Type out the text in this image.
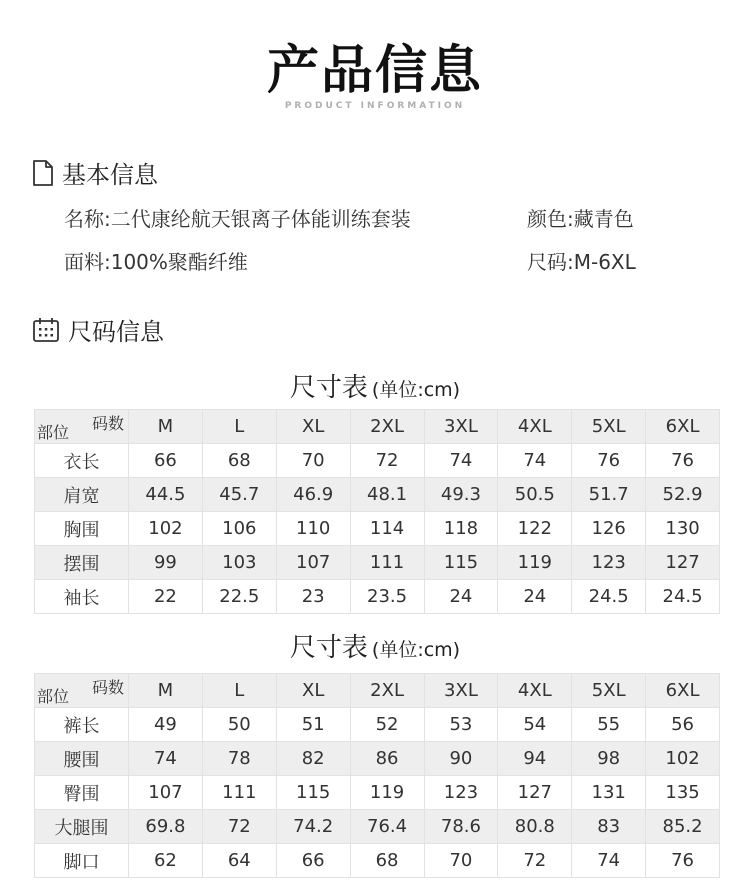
产品信息
PRODUCT INFORMATION
基本信息
名称:二代康纶航天银离子体能训练套装	颜色:藏青色
面料:100%聚酯纤维	尺码:M-6XL
尺码信息
尺寸表 (单位:cm)
码数
部位	M	L	XL	2XL	3XL	4XL	5XL	6XL
衣长	66	68	70	72	74	74	76	76
肩宽	44.5	45.7	46.9	48.1	49.3	50.5	51.7	52.9
胸围	102	106	110	114	118	122	126	130
摆围	99	103	107	111	115	119	123	127
袖长	22	22.5	23	23.5	24	24	24.5	24.5
尺寸表 (单位:cm)
码数
部位	M	L	XL	2XL	3XL	4XL	5XL	6XL
裤长	49	50	51	52	53	54	55	56
腰围	74	78	82	86	90	94	98	102
臀围	107	111	115	119	123	127	131	135
大腿围	69.8	72	74.2	76.4	78.6	80.8	83	85.2
脚口	62	64	66	68	70	72	74	76
